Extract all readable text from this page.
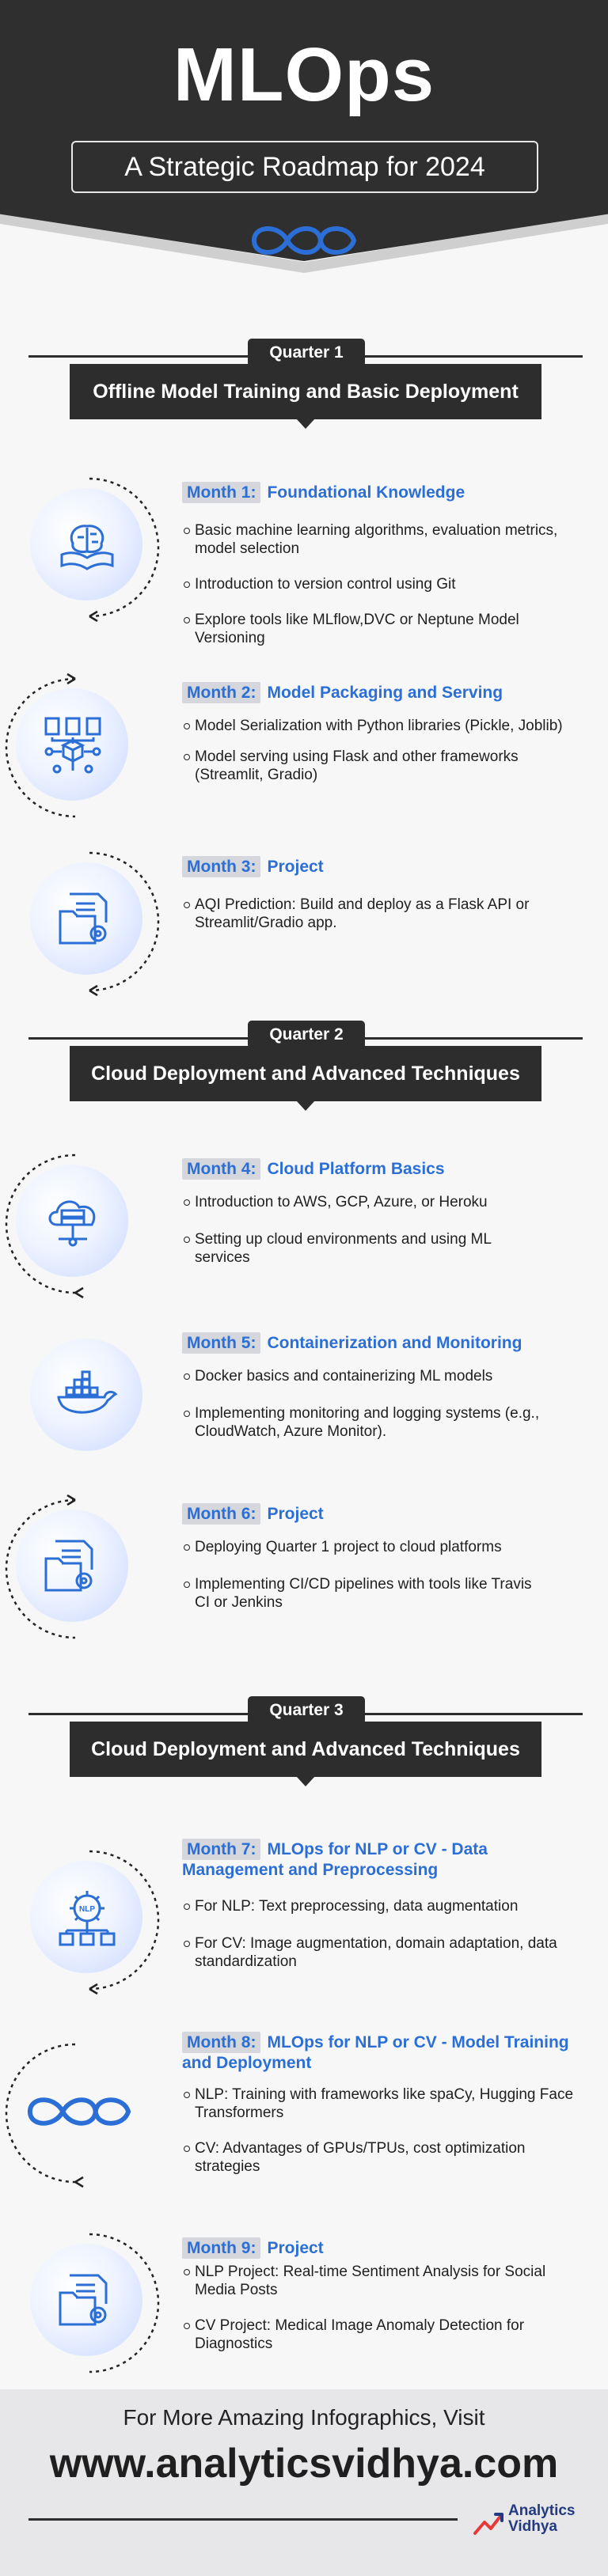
MLOps
A Strategic Roadmap for 2024
Quarter 1
Offline Model Training and Basic Deployment
Month 1: Foundational Knowledge
Basic machine learning algorithms, evaluation metrics, model selection
Introduction to version control using Git
Explore tools like MLflow,DVC or Neptune Model Versioning
Month 2: Model Packaging and Serving
Model Serialization with Python libraries (Pickle, Joblib)
Model serving using Flask and other frameworks (Streamlit, Gradio)
Month 3: Project
AQI Prediction: Build and deploy as a Flask API or Streamlit/Gradio app.
Quarter 2
Cloud Deployment and Advanced Techniques
Month 4: Cloud Platform Basics
Introduction to AWS, GCP, Azure, or Heroku
Setting up cloud environments and using ML services
Month 5: Containerization and Monitoring
Docker basics and containerizing ML models
Implementing monitoring and logging systems (e.g., CloudWatch, Azure Monitor).
Month 6: Project
Deploying Quarter 1 project to cloud platforms
Implementing CI/CD pipelines with tools like Travis CI or Jenkins
Quarter 3
Cloud Deployment and Advanced Techniques
NLP
Month 7: MLOps for NLP or CV - Data Management and Preprocessing
For NLP: Text preprocessing, data augmentation
For CV: Image augmentation, domain adaptation, data standardization
Month 8: MLOps for NLP or CV - Model Training and Deployment
NLP: Training with frameworks like spaCy, Hugging Face Transformers
CV: Advantages of GPUs/TPUs, cost optimization strategies
Month 9: Project
NLP Project: Real-time Sentiment Analysis for Social Media Posts
CV Project: Medical Image Anomaly Detection for Diagnostics
For More Amazing Infographics, Visit
www.analyticsvidhya.com
Analytics
Vidhya
